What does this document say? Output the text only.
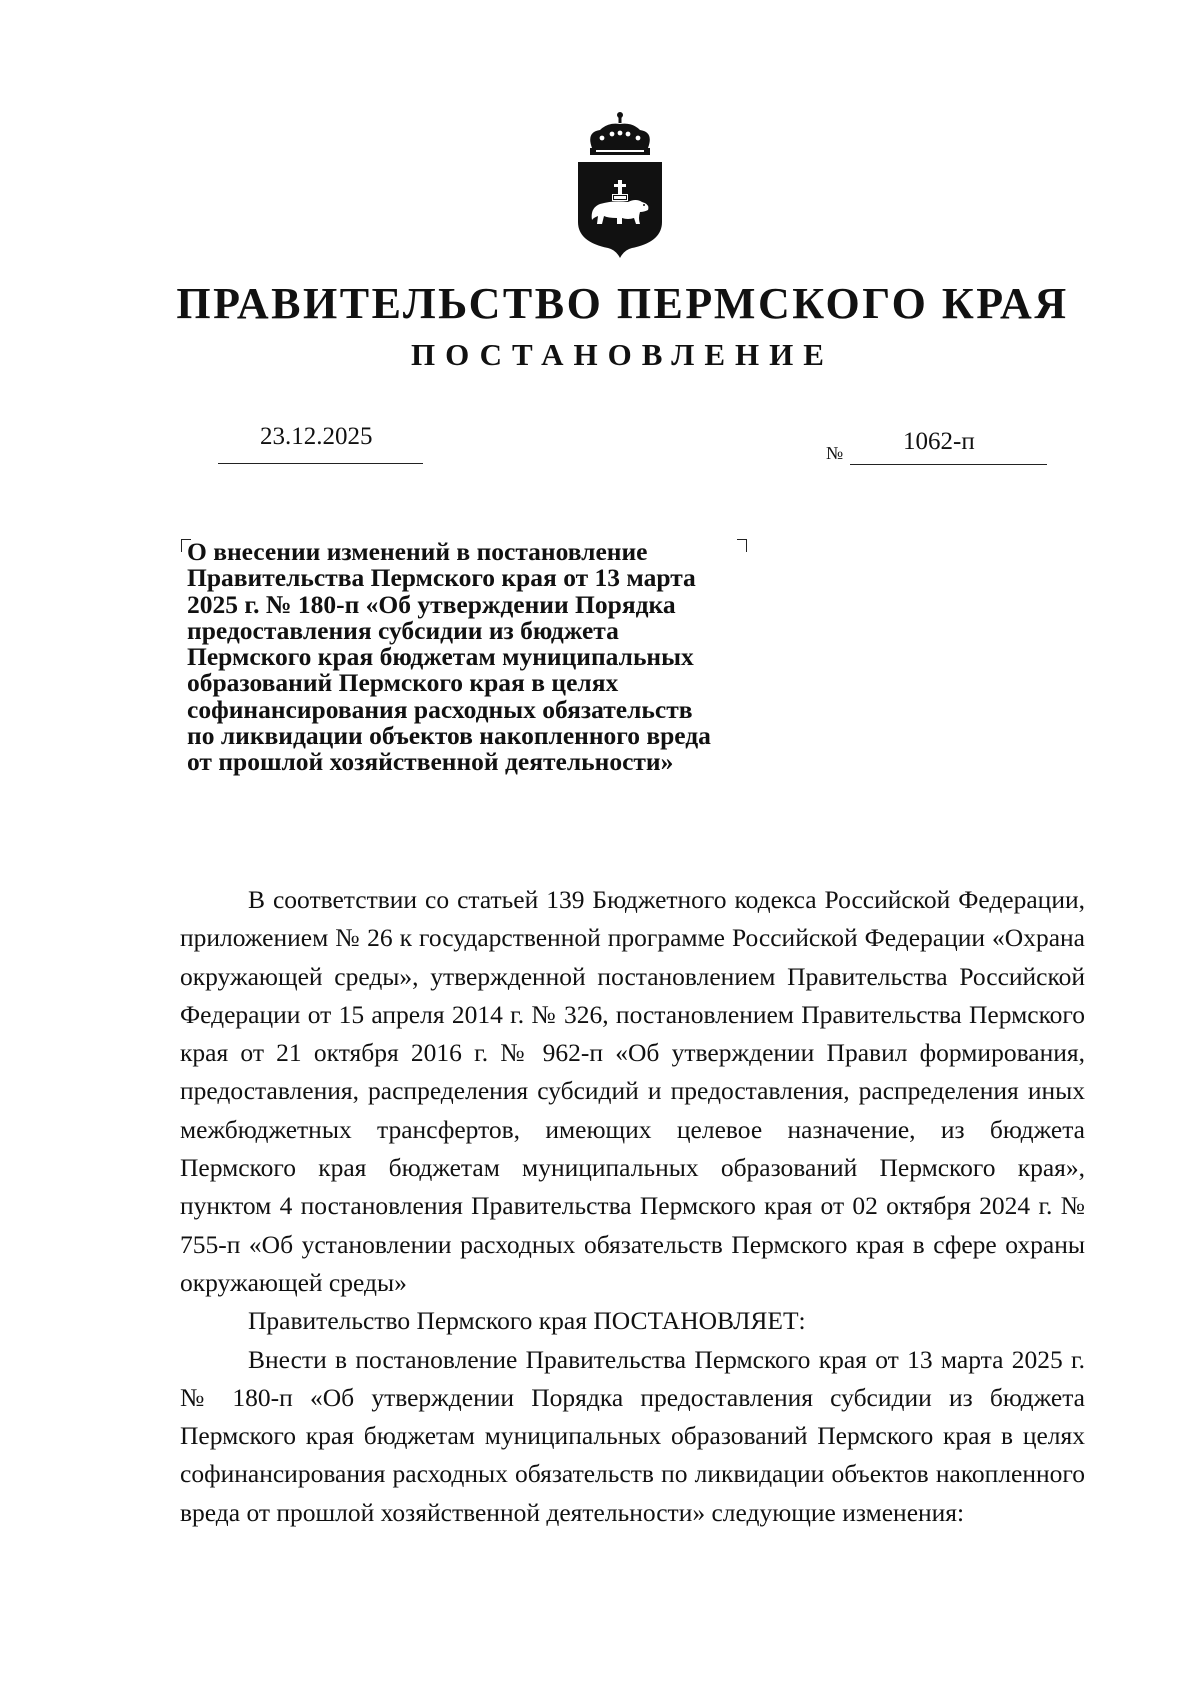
ПРАВИТЕЛЬСТВО ПЕРМСКОГО КРАЯ
ПОСТАНОВЛЕНИЕ
23.12.2025
№ 1062-п
О внесении изменений в постановление
Правительства Пермского края от 13 марта
2025 г. № 180-п «Об утверждении Порядка
предоставления субсидии из бюджета
Пермского края бюджетам муниципальных
образований Пермского края в целях
софинансирования расходных обязательств
по ликвидации объектов накопленного вреда
от прошлой хозяйственной деятельности»

В соответствии со статьей 139 Бюджетного кодекса Российской Федерации, приложением № 26 к государственной программе Российской Федерации «Охрана окружающей среды», утвержденной постановлением Правительства Российской Федерации от 15 апреля 2014 г. № 326, постановлением Правительства Пермского края от 21 октября 2016 г. № 962-п «Об утверждении Правил формирования, предоставления, распределения субсидий и предоставления, распределения иных межбюджетных трансфертов, имеющих целевое назначение, из бюджета Пермского края бюджетам муниципальных образований Пермского края», пунктом 4 постановления Правительства Пермского края от 02 октября 2024 г. № 755-п «Об установлении расходных обязательств Пермского края в сфере охраны окружающей среды»

Правительство Пермского края ПОСТАНОВЛЯЕТ:

Внести в постановление Правительства Пермского края от 13 марта 2025 г. № 180-п «Об утверждении Порядка предоставления субсидии из бюджета Пермского края бюджетам муниципальных образований Пермского края в целях софинансирования расходных обязательств по ликвидации объектов накопленного вреда от прошлой хозяйственной деятельности» следующие изменения:
